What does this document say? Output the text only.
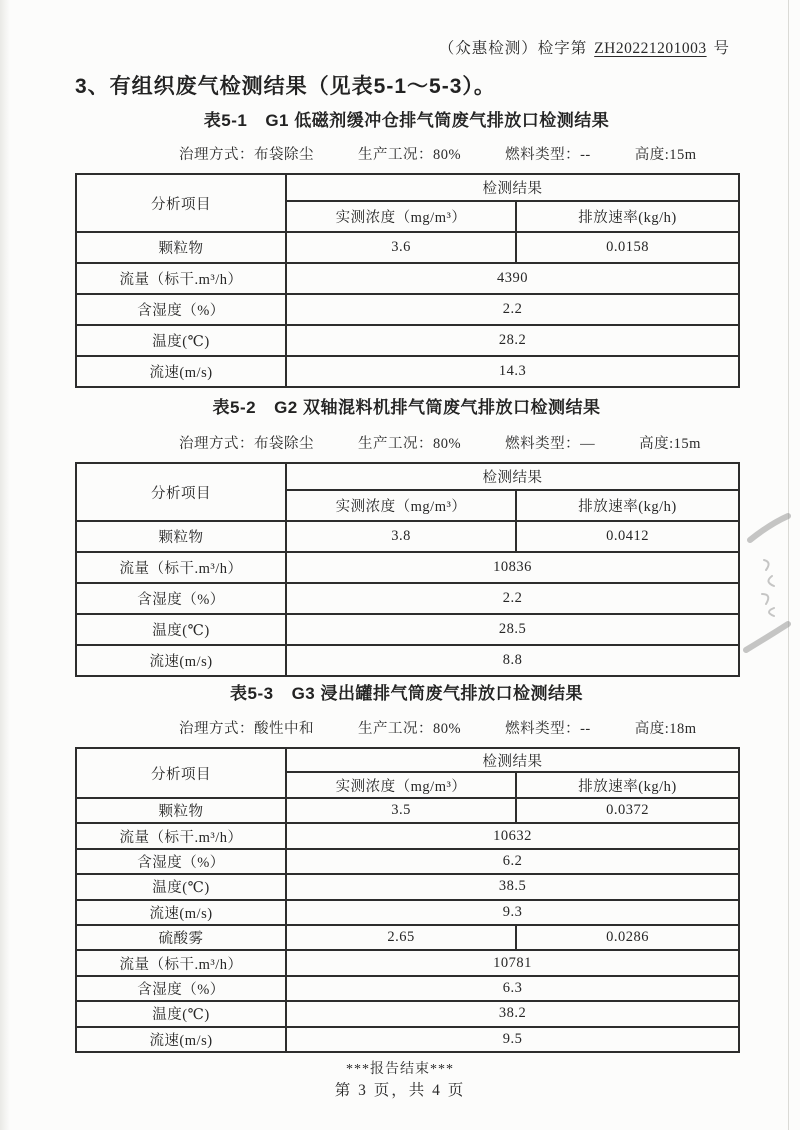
（众惠检测）检字第 ZH20221201003 号
3、有组织废气检测结果（见表5-1～5-3）。
表5-1 G1 低磁剂缓冲仓排气筒废气排放口检测结果
治理方式：布袋除尘	生产工况：80%	燃料类型：--	高度:15m
分析项目	检测结果	
	实测浓度（mg/m³）	排放速率(kg/h)
颗粒物	3.6	0.0158
流量（标干.m³/h）	4390	
含湿度（%）	2.2	
温度(℃)	28.2	
流速(m/s)	14.3	
表5-2 G2 双轴混料机排气筒废气排放口检测结果
治理方式：布袋除尘	生产工况：80%	燃料类型：—	高度:15m
分析项目	检测结果	
	实测浓度（mg/m³）	排放速率(kg/h)
颗粒物	3.8	0.0412
流量（标干.m³/h）	10836	
含湿度（%）	2.2	
温度(℃)	28.5	
流速(m/s)	8.8	
表5-3 G3 浸出罐排气筒废气排放口检测结果
治理方式：酸性中和	生产工况：80%	燃料类型：--	高度:18m
分析项目	检测结果	
	实测浓度（mg/m³）	排放速率(kg/h)
颗粒物	3.5	0.0372
流量（标干.m³/h）	10632	
含湿度（%）	6.2	
温度(℃)	38.5	
流速(m/s)	9.3	
硫酸雾	2.65	0.0286
流量（标干.m³/h）	10781	
含湿度（%）	6.3	
温度(℃)	38.2	
流速(m/s)	9.5	
***报告结束***
第 3 页，共 4 页
